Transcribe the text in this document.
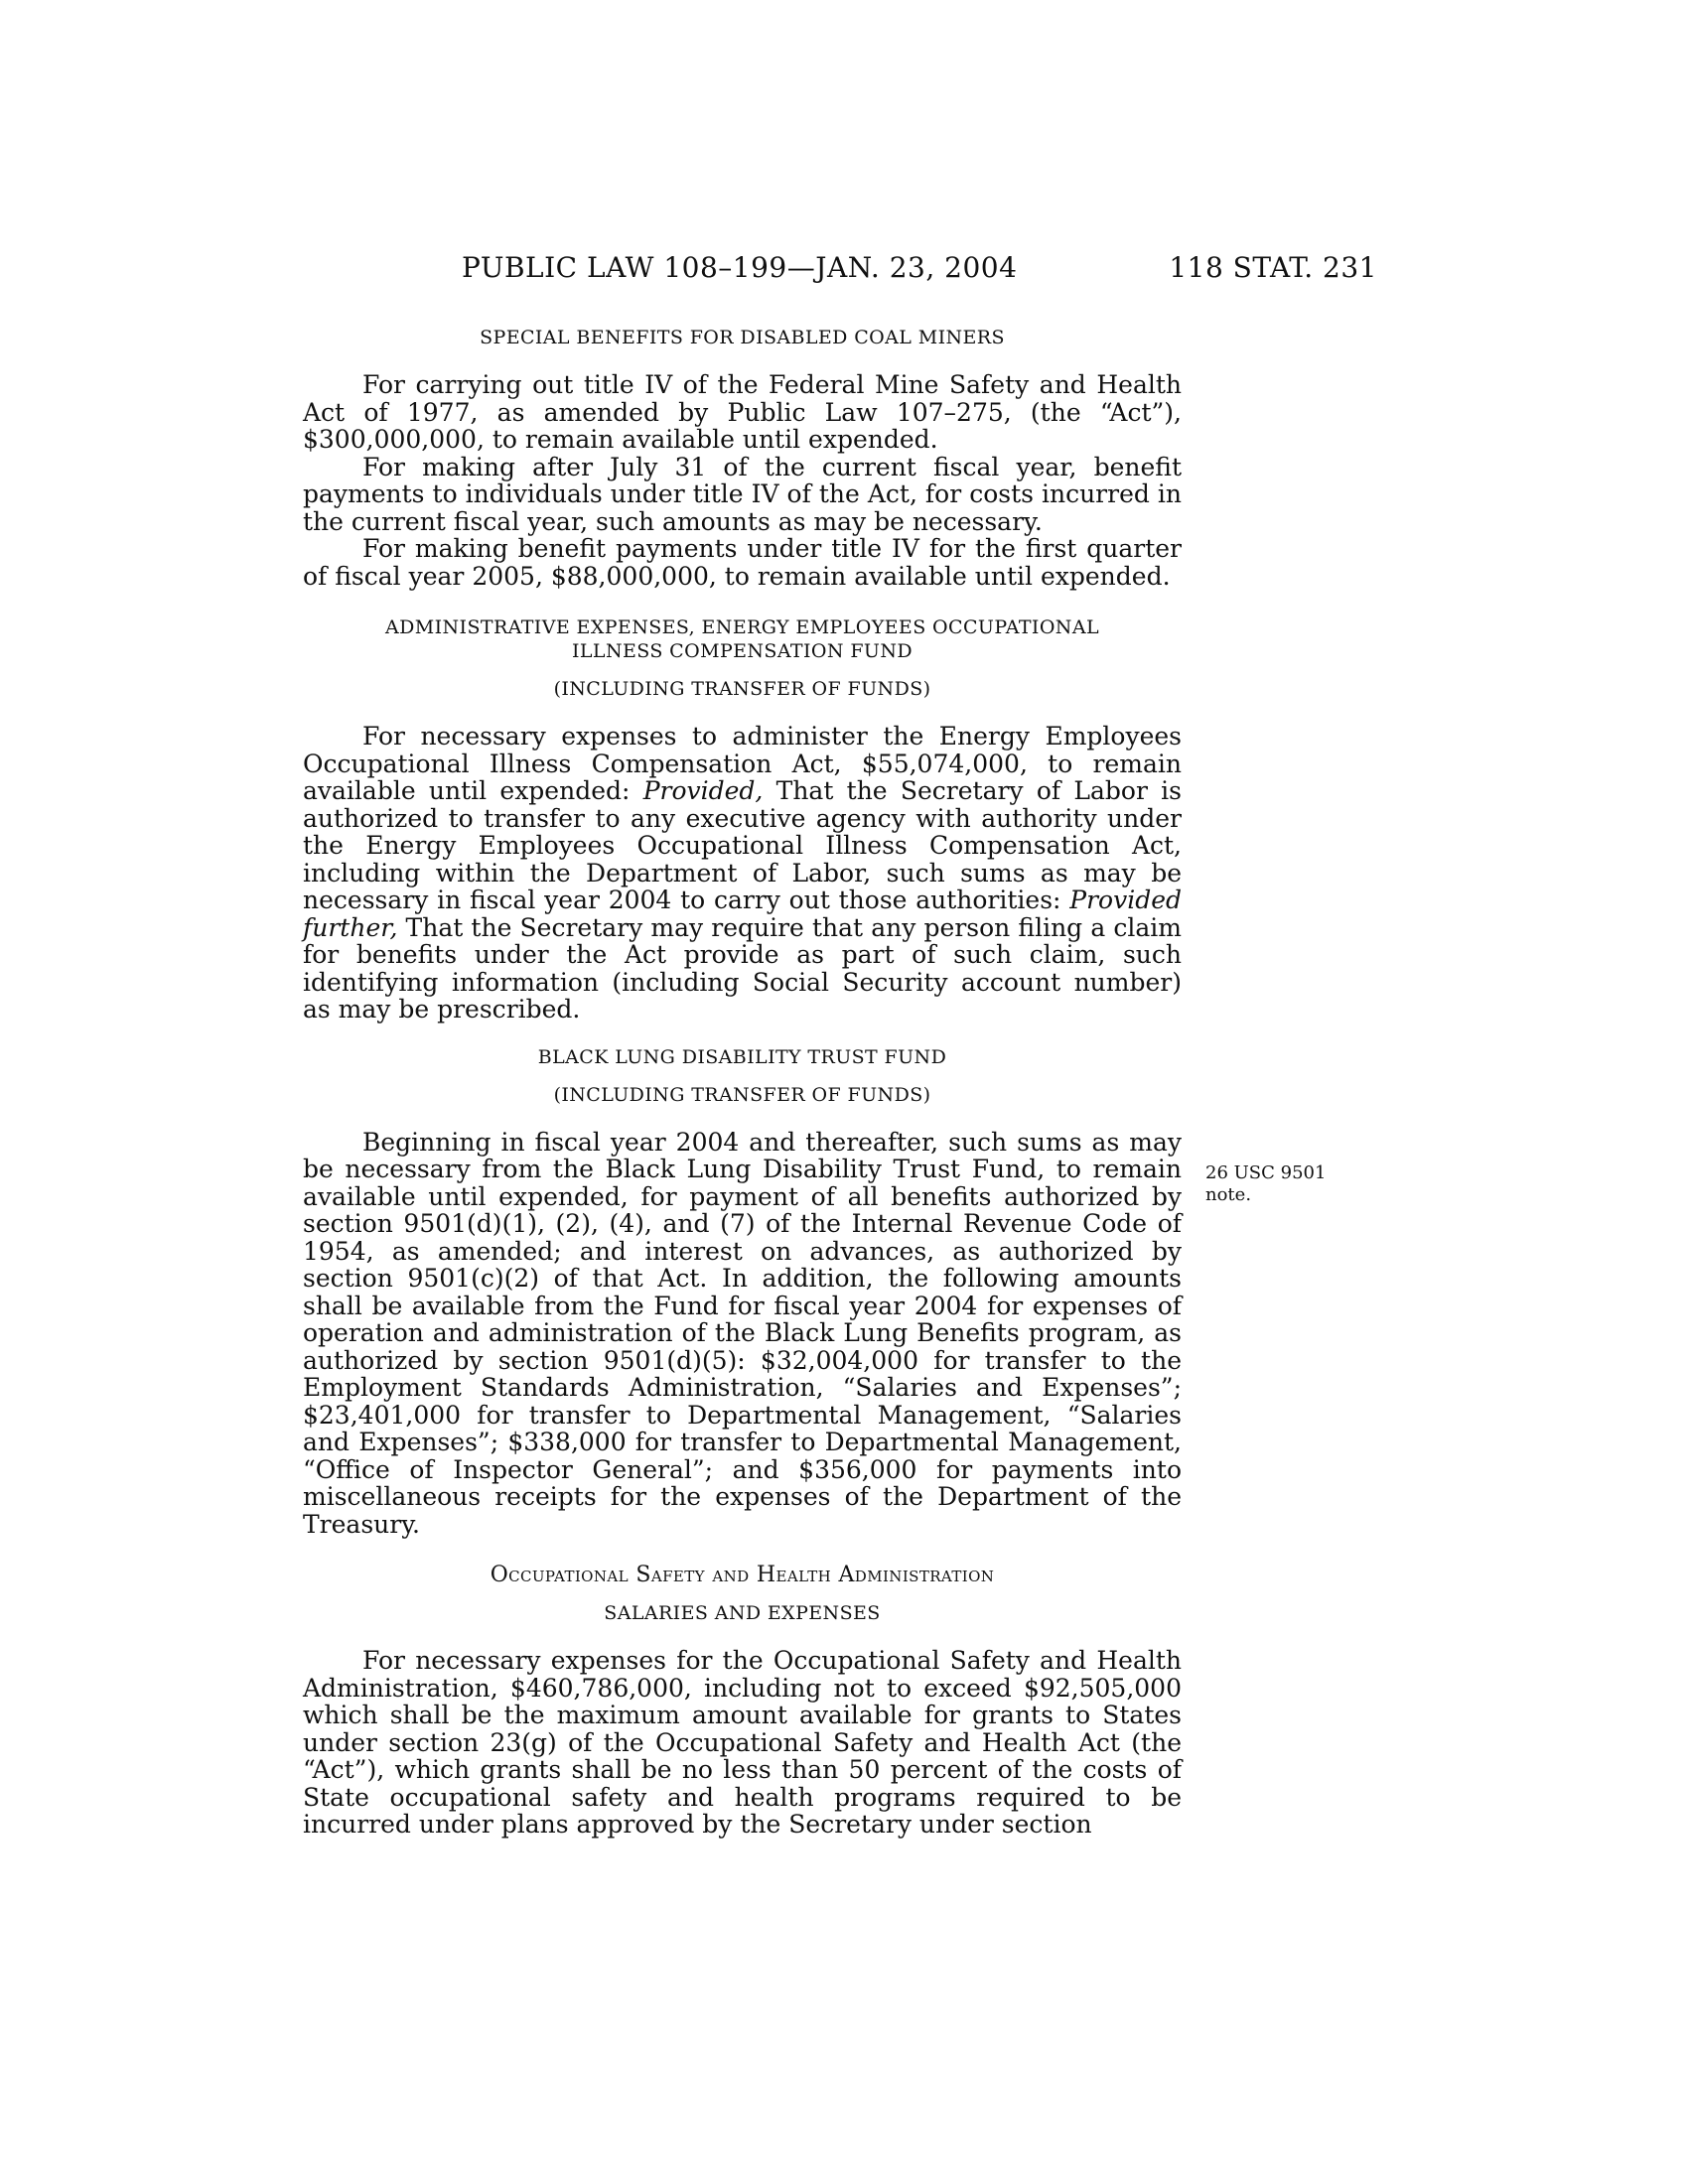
PUBLIC LAW 108–199—JAN. 23, 2004	118 STAT. 231

SPECIAL BENEFITS FOR DISABLED COAL MINERS

For carrying out title IV of the Federal Mine Safety and Health Act of 1977, as amended by Public Law 107–275, (the “Act”), $300,000,000, to remain available until expended.

For making after July 31 of the current fiscal year, benefit payments to individuals under title IV of the Act, for costs incurred in the current fiscal year, such amounts as may be necessary.

For making benefit payments under title IV for the first quarter of fiscal year 2005, $88,000,000, to remain available until expended.

ADMINISTRATIVE EXPENSES, ENERGY EMPLOYEES OCCUPATIONAL

ILLNESS COMPENSATION FUND

(INCLUDING TRANSFER OF FUNDS)

For necessary expenses to administer the Energy Employees Occupational Illness Compensation Act, $55,074,000, to remain available until expended: Provided, That the Secretary of Labor is authorized to transfer to any executive agency with authority under the Energy Employees Occupational Illness Compensation Act, including within the Department of Labor, such sums as may be necessary in fiscal year 2004 to carry out those authorities: Provided further, That the Secretary may require that any person filing a claim for benefits under the Act provide as part of such claim, such identifying information (including Social Security account number) as may be prescribed.

BLACK LUNG DISABILITY TRUST FUND

(INCLUDING TRANSFER OF FUNDS)

Beginning in fiscal year 2004 and thereafter, such sums as may be necessary from the Black Lung Disability Trust Fund, to remain available until expended, for payment of all benefits authorized by section 9501(d)(1), (2), (4), and (7) of the Internal Revenue Code of 1954, as amended; and interest on advances, as authorized by section 9501(c)(2) of that Act. In addition, the following amounts shall be available from the Fund for fiscal year 2004 for expenses of operation and administration of the Black Lung Benefits program, as authorized by section 9501(d)(5): $32,004,000 for transfer to the Employment Standards Administration, “Salaries and Expenses”; $23,401,000 for transfer to Departmental Management, “Salaries and Expenses”; $338,000 for transfer to Departmental Management, “Office of Inspector General”; and $356,000 for payments into miscellaneous receipts for the expenses of the Department of the Treasury.

Occupational Safety and Health Administration

SALARIES AND EXPENSES

For necessary expenses for the Occupational Safety and Health Administration, $460,786,000, including not to exceed $92,505,000 which shall be the maximum amount available for grants to States under section 23(g) of the Occupational Safety and Health Act (the “Act”), which grants shall be no less than 50 percent of the costs of State occupational safety and health programs required to be incurred under plans approved by the Secretary under section

26 USC 9501
note.
